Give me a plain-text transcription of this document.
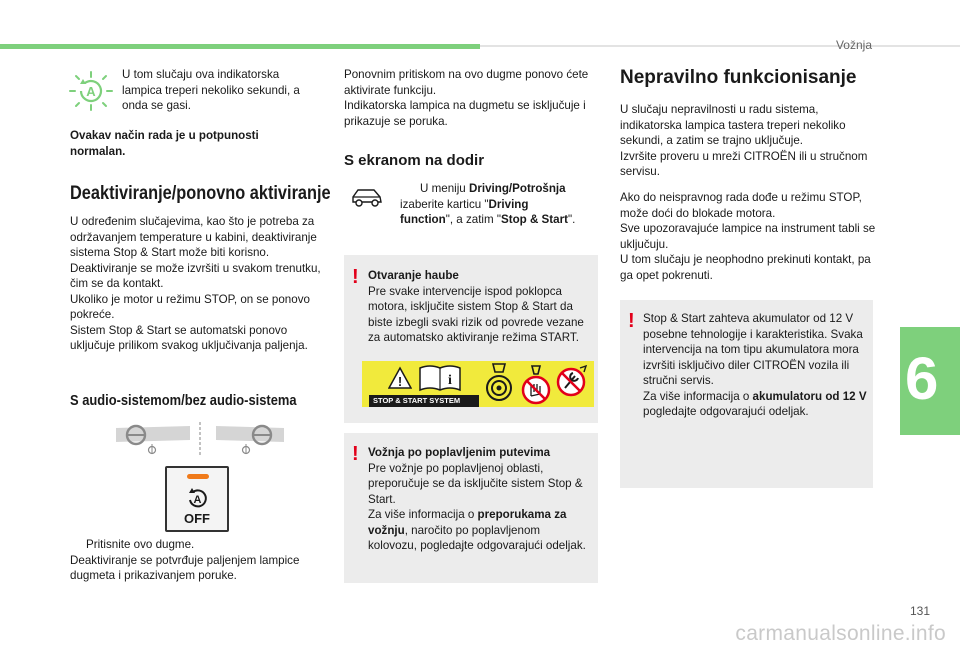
Vožnja
6
A
U tom slučaju ova indikatorska lampica treperi nekoliko sekundi, a onda se gasi.
Ovakav način rada je u potpunosti normalan.
Deaktiviranje/ponovno aktiviranje
U određenim slučajevima, kao što je potreba za održavanjem temperature u kabini, deaktiviranje sistema Stop & Start može biti korisno.
Deaktiviranje se može izvršiti u svakom trenutku, čim se da kontakt.
Ukoliko je motor u režimu STOP, on se ponovo pokreće.
Sistem Stop & Start se automatski ponovo uključuje prilikom svakog uključivanja paljenja.
S audio-sistemom/bez audio-sistema
A
OFF
Pritisnite ovo dugme.
Deaktiviranje se potvrđuje paljenjem lampice dugmeta i prikazivanjem poruke.
Ponovnim pritiskom na ovo dugme ponovo ćete aktivirate funkciju.
Indikatorska lampica na dugmetu se isključuje i prikazuje se poruka.
S ekranom na dodir
U meniju Driving/Potrošnja izaberite karticu "Driving function", a zatim "Stop & Start".
! Otvaranje haube
Pre svake intervencije ispod poklopca motora, isključite sistem Stop & Start da biste izbegli svaki rizik od povrede vezane za automatsko aktiviranje režima START.
!	i
STOP & START SYSTEM
! Vožnja po poplavljenim putevima
Pre vožnje po poplavljenoj oblasti, preporučuje se da isključite sistem Stop & Start.
Za više informacija o preporukama za vožnju, naročito po poplavljenom kolovozu, pogledajte odgovarajući odeljak.
Nepravilno funkcionisanje
U slučaju nepravilnosti u radu sistema, indikatorska lampica tastera treperi nekoliko sekundi, a zatim se trajno uključuje.
Izvršite proveru u mreži CITROËN ili u stručnom servisu.
Ako do neispravnog rada dođe u režimu STOP, može doći do blokade motora.
Sve upozoravajuće lampice na instrument tabli se uključuju.
U tom slučaju je neophodno prekinuti kontakt, pa ga opet pokrenuti.
! Stop & Start zahteva akumulator od 12 V posebne tehnologije i karakteristika. Svaka intervencija na tom tipu akumulatora mora izvršiti isključivo diler CITROËN vozila ili stručni servis.
Za više informacija o akumulatoru od 12 V pogledajte odgovarajući odeljak.
131
carmanualsonline.info
